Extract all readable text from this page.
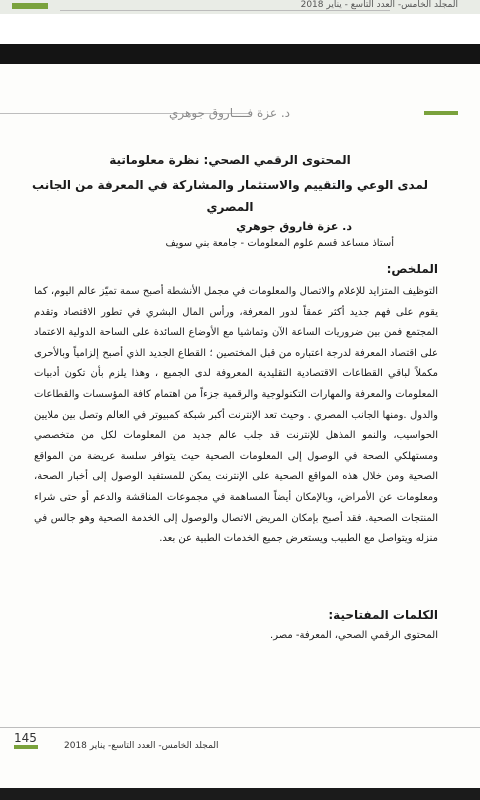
المجلد الخامس- العدد التاسع - يناير 2018
د. عزة فــــاروق جوهري
المحتوى الرقمي الصحي: نظرة معلوماتية
لمدى الوعي والتقييم والاستثمار والمشاركة في المعرفة من الجانب المصري
د. عزة فاروق جوهري
أستاذ مساعد قسم علوم المعلومات - جامعة بني سويف
الملخص:
التوظيف المتزايد للإعلام والاتصال والمعلومات في مجمل الأنشطة أصبح سمة تميّز عالم اليوم، كما يقوم على فهم جديد أكثر عمقاً لدور المعرفة، ورأس المال البشري في تطور الاقتصاد وتقدم المجتمع فمن بين ضروريات الساعة الآن وتماشيا مع الأوضاع السائدة على الساحة الدولية الاعتماد على اقتصاد المعرفة لدرجة اعتباره من قبل المختصين ؛ القطاع الجديد الذي أصبح إلزامياً وبالأحرى مكملاً لباقي القطاعات الاقتصادية التقليدية المعروفة لدى الجميع ، وهذا يلزم بأن تكون أدبيات المعلومات والمعرفة والمهارات التكنولوجية والرقمية جزءاً من اهتمام كافة المؤسسات والقطاعات والدول .ومنها الجانب المصري . وحيث تعد الإنترنت أكبر شبكة كمبيوتر في العالم وتصل بين ملايين الحواسيب، والنمو المذهل للإنترنت قد جلب عالم جديد من المعلومات لكل من متخصصي ومستهلكي الصحة في الوصول إلى المعلومات الصحية حيث يتوافر سلسة عريضة من المواقع الصحية ومن خلال هذه المواقع الصحية على الإنترنت يمكن للمستفيد الوصول إلى أخبار الصحة، ومعلومات عن الأمراض، وبالإمكان أيضاً المساهمة في مجموعات المناقشة والدعم أو حتى شراء المنتجات الصحية. فقد أصبح بإمكان المريض الاتصال والوصول إلى الخدمة الصحية وهو جالس في منزله ويتواصل مع الطبيب ويستعرض جميع الخدمات الطبية عن بعد.
الكلمات المفتاحية:
المحتوى الرقمي الصحي، المعرفة- مصر.
145
المجلد الخامس- العدد التاسع- يناير 2018
